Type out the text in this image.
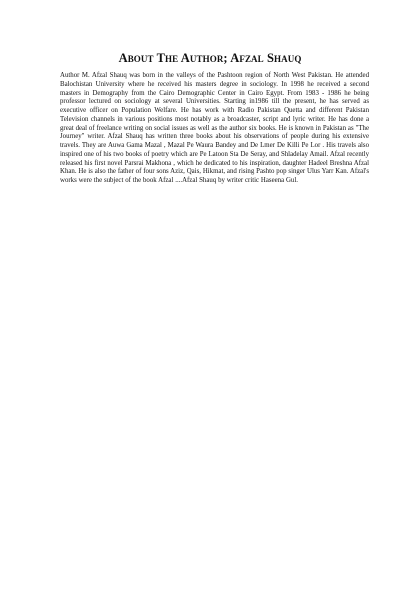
About The Author; Afzal Shauq
Author M. Afzal Shauq was born in the valleys of the Pashtoon region of North West Pakistan. He attended Balochistan University where he received his masters degree in sociology. In 1998 he received a second masters in Demography from the Cairo Demographic Center in Cairo Egypt. From 1983 - 1986 he being professor lectured on sociology at several Universities. Starting in1986 till the present, he has served as executive officer on Population Welfare. He has work with Radio Pakistan Quetta and different Pakistan Television channels in various positions most notably as a broadcaster, script and lyric writer. He has done a great deal of freelance writing on social issues as well as the author six books. He is known in Pakistan as "The Journey" writer. Afzal Shauq has written three books about his observations of people during his extensive travels. They are Auwa Gama Mazal , Mazal Pe Waura Bandey and De Lmer De Killi Pe Lor . His travels also inspired one of his two books of poetry which are Pe Latoon Sta De Seray, and Shladelay Amail. Afzal recently released his first novel Parsrai Makhona , which he dedicated to his inspiration, daughter Hadeel Breshna Afzal Khan. He is also the father of four sons Aziz, Qais, Hikmat, and rising Pashto pop singer Ulus Yarr Kan. Afzal's works were the subject of the book Afzal ....Afzal Shauq by writer critic Haseena Gul.
